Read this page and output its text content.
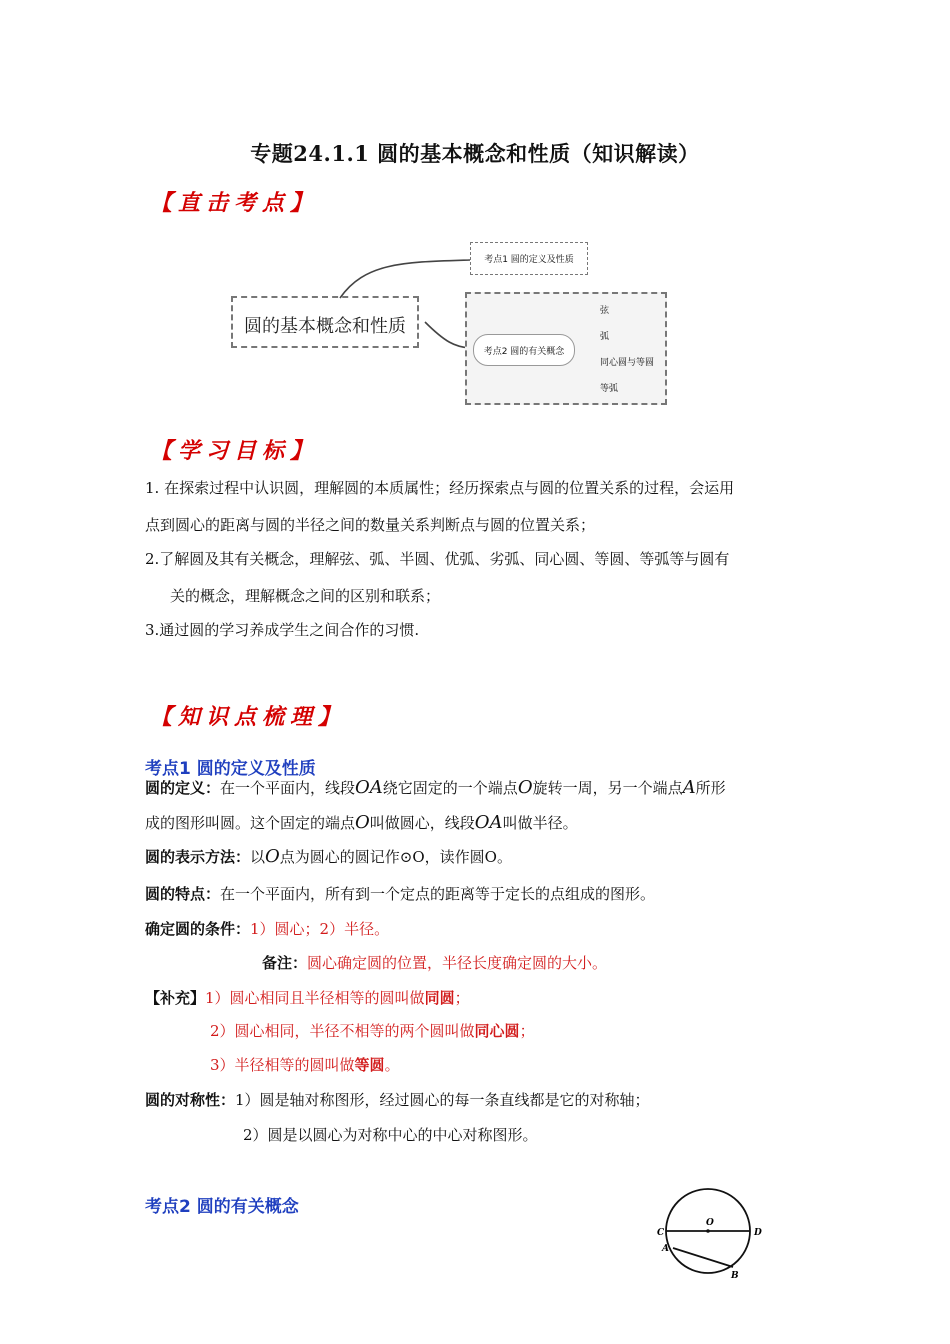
专题24.1.1 圆的基本概念和性质（知识解读）
【直击考点】
考点1 圆的定义及性质
圆的基本概念和性质
考点2 圆的有关概念
弦
弧
同心圆与等圆
等弧
【学习目标】
1. 在探索过程中认识圆，理解圆的本质属性；经历探索点与圆的位置关系的过程，会运用
点到圆心的距离与圆的半径之间的数量关系判断点与圆的位置关系；
2.了解圆及其有关概念，理解弦、弧、半圆、优弧、劣弧、同心圆、等圆、等弧等与圆有
关的概念，理解概念之间的区别和联系；
3.通过圆的学习养成学生之间合作的习惯.
【知识点梳理】
考点1 圆的定义及性质
圆的定义：在一个平面内，线段OA绕它固定的一个端点O旋转一周，另一个端点A所形
成的图形叫圆。这个固定的端点O叫做圆心，线段OA叫做半径。
圆的表示方法：以O点为圆心的圆记作⊙O，读作圆O。
圆的特点：在一个平面内，所有到一个定点的距离等于定长的点组成的图形。
确定圆的条件：1）圆心；2）半径。
备注：圆心确定圆的位置，半径长度确定圆的大小。
【补充】1）圆心相同且半径相等的圆叫做同圆；
2）圆心相同，半径不相等的两个圆叫做同心圆；
3）半径相等的圆叫做等圆。
圆的对称性：1）圆是轴对称图形，经过圆心的每一条直线都是它的对称轴；
2）圆是以圆心为对称中心的中心对称图形。
考点2 圆的有关概念
O
C	D
A
B
